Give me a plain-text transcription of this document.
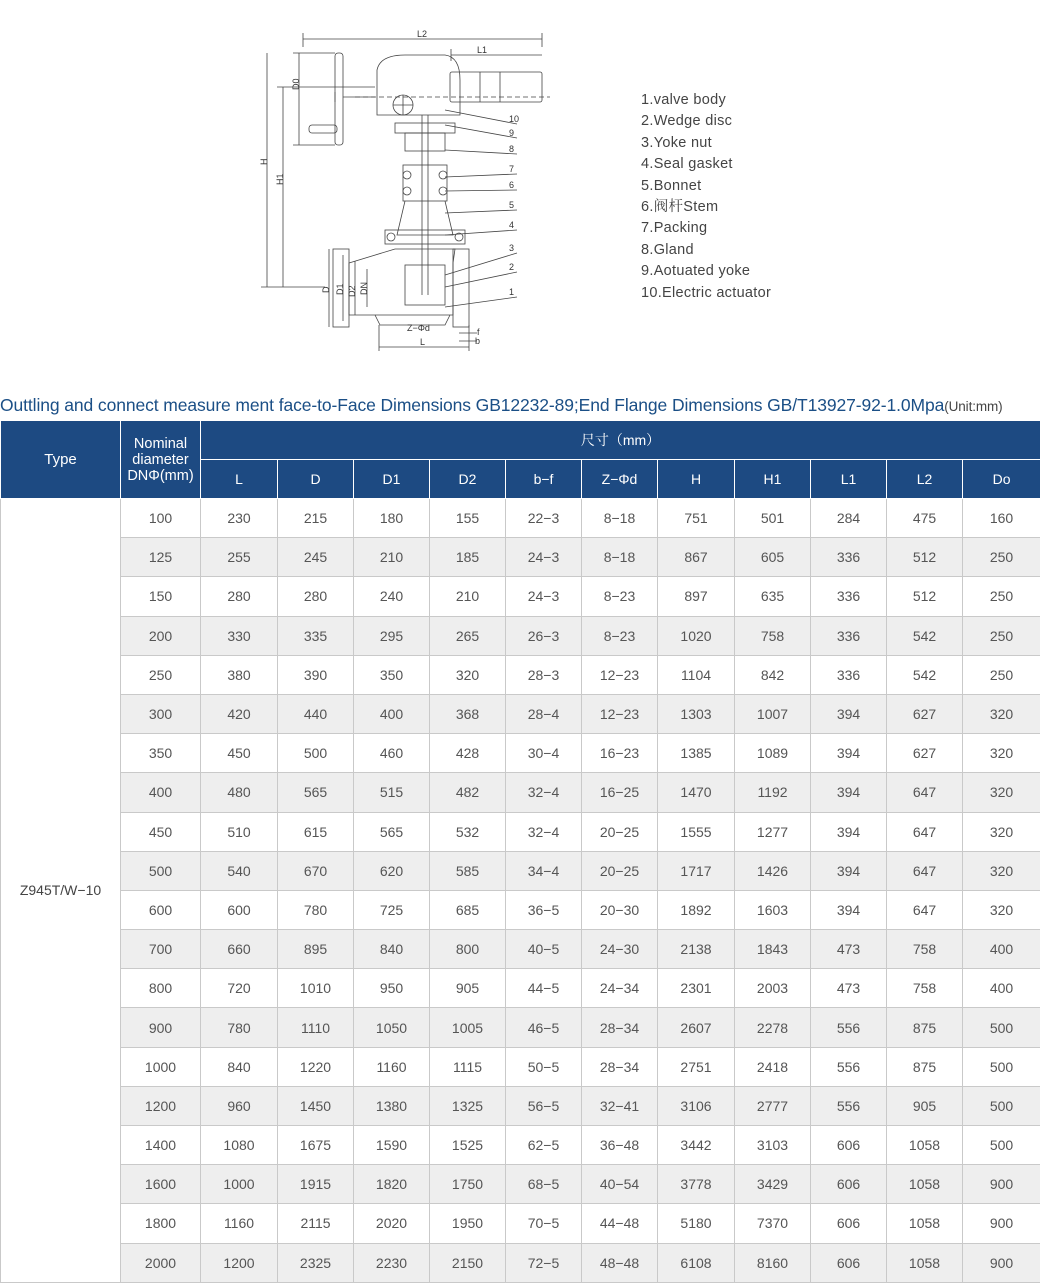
L2
L1
D0
H
H1
D D1 D2 DN
Z−Φd
L
f
b
10
9
8
7
6
5
4
3
2
1
1.valve body
2.Wedge disc
3.Yoke nut
4.Seal gasket
5.Bonnet
6.阀杆Stem
7.Packing
8.Gland
9.Aotuated yoke
10.Electric actuator
Outtling and connect measure ment face-to-Face Dimensions GB12232-89;End Flange Dimensions GB/T13927-92-1.0Mpa(Unit:mm)
Type	Nominal
diameter
DNΦ(mm)	尺寸（mm）										
		L	D	D1	D2	b−f	Z−Φd	H	H1	L1	L2	Do
Z945T/W−10	100	230	215	180	155	22−3	8−18	751	501	284	475	160
	125	255	245	210	185	24−3	8−18	867	605	336	512	250
	150	280	280	240	210	24−3	8−23	897	635	336	512	250
	200	330	335	295	265	26−3	8−23	1020	758	336	542	250
	250	380	390	350	320	28−3	12−23	1104	842	336	542	250
	300	420	440	400	368	28−4	12−23	1303	1007	394	627	320
	350	450	500	460	428	30−4	16−23	1385	1089	394	627	320
	400	480	565	515	482	32−4	16−25	1470	1192	394	647	320
	450	510	615	565	532	32−4	20−25	1555	1277	394	647	320
	500	540	670	620	585	34−4	20−25	1717	1426	394	647	320
	600	600	780	725	685	36−5	20−30	1892	1603	394	647	320
	700	660	895	840	800	40−5	24−30	2138	1843	473	758	400
	800	720	1010	950	905	44−5	24−34	2301	2003	473	758	400
	900	780	1110	1050	1005	46−5	28−34	2607	2278	556	875	500
	1000	840	1220	1160	1115	50−5	28−34	2751	2418	556	875	500
	1200	960	1450	1380	1325	56−5	32−41	3106	2777	556	905	500
	1400	1080	1675	1590	1525	62−5	36−48	3442	3103	606	1058	500
	1600	1000	1915	1820	1750	68−5	40−54	3778	3429	606	1058	900
	1800	1160	2115	2020	1950	70−5	44−48	5180	7370	606	1058	900
	2000	1200	2325	2230	2150	72−5	48−48	6108	8160	606	1058	900
